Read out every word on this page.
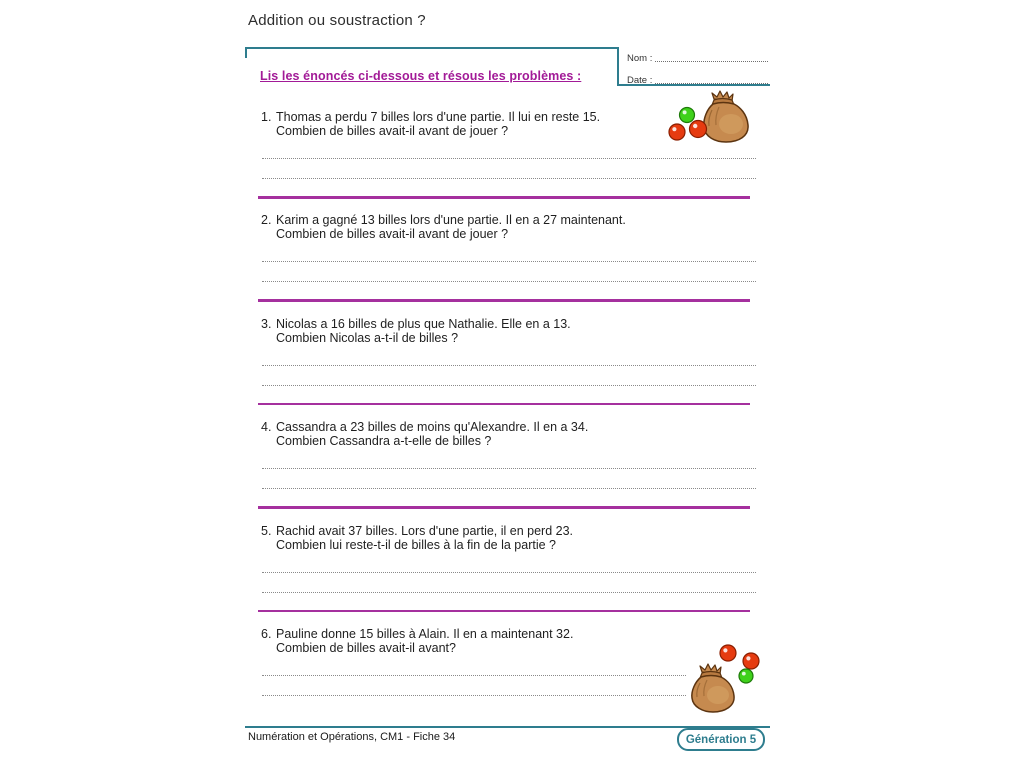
Addition ou soustraction ?
Nom :
Date :
Lis les énoncés ci-dessous et résous les problèmes :
1. Thomas a perdu 7 billes lors d'une partie. Il lui en reste 15.
Combien de billes avait-il avant de jouer ?
2. Karim a gagné 13 billes lors d'une partie. Il en a 27 maintenant.
Combien de billes avait-il avant de jouer ?
3. Nicolas a 16 billes de plus que Nathalie. Elle en a 13.
Combien Nicolas a-t-il de billes ?
4. Cassandra a 23 billes de moins qu'Alexandre. Il en a 34.
Combien Cassandra a-t-elle de billes ?
5. Rachid avait 37 billes. Lors d'une partie, il en perd 23.
Combien lui reste-t-il de billes à la fin de la partie ?
6. Pauline donne 15 billes à Alain. Il en a maintenant 32.
Combien de billes avait-il avant?
Numération et Opérations, CM1 - Fiche 34	Génération 5
